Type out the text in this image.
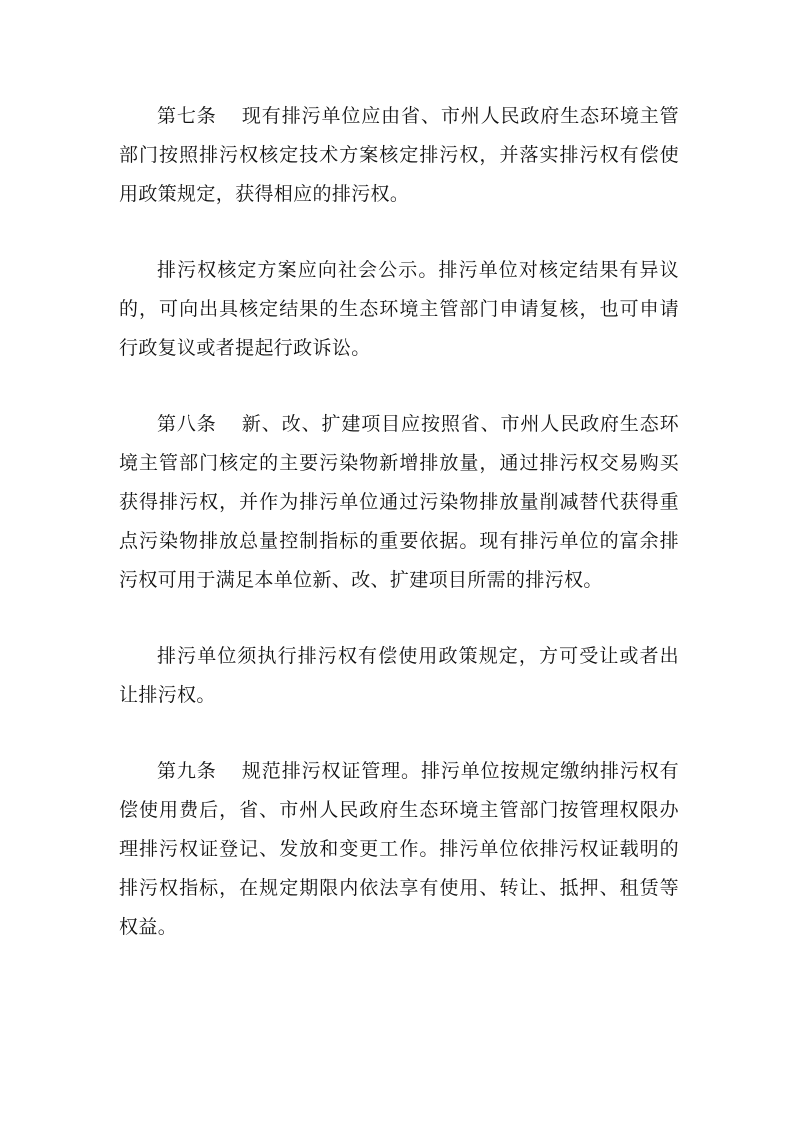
第七条 现有排污单位应由省、市州人民政府生态环境主管部门按照排污权核定技术方案核定排污权，并落实排污权有偿使用政策规定，获得相应的排污权。

排污权核定方案应向社会公示。排污单位对核定结果有异议的，可向出具核定结果的生态环境主管部门申请复核，也可申请行政复议或者提起行政诉讼。

第八条 新、改、扩建项目应按照省、市州人民政府生态环境主管部门核定的主要污染物新增排放量，通过排污权交易购买获得排污权，并作为排污单位通过污染物排放量削减替代获得重点污染物排放总量控制指标的重要依据。现有排污单位的富余排污权可用于满足本单位新、改、扩建项目所需的排污权。

排污单位须执行排污权有偿使用政策规定，方可受让或者出让排污权。

第九条 规范排污权证管理。排污单位按规定缴纳排污权有偿使用费后，省、市州人民政府生态环境主管部门按管理权限办理排污权证登记、发放和变更工作。排污单位依排污权证载明的排污权指标，在规定期限内依法享有使用、转让、抵押、租赁等权益。
